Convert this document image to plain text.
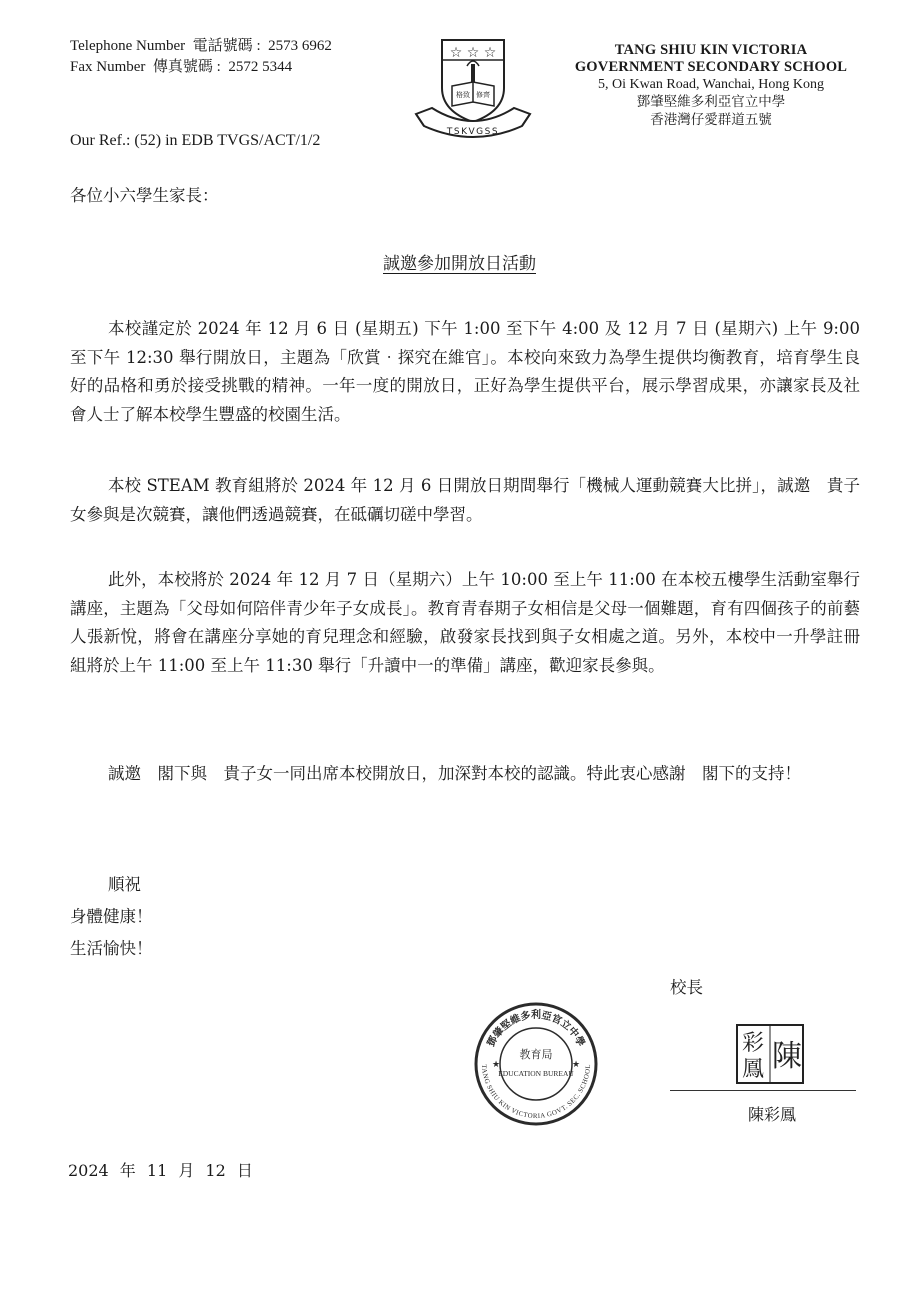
Telephone Number 電話號碼 :  2573 6962
Fax Number 傳真號碼 :  2572 5344
☆ ☆ ☆
格致 修齊
TSKVGSS
TANG SHIU KIN VICTORIA
GOVERNMENT SECONDARY SCHOOL
5, Oi Kwan Road, Wanchai, Hong Kong
鄧肇堅維多利亞官立中學
香港灣仔愛群道五號
Our Ref.: (52) in EDB TVGS/ACT/1/2
各位小六學生家長：
誠邀參加開放日活動

本校謹定於 2024 年 12 月 6 日 (星期五) 下午 1:00 至下午 4:00 及 12 月 7 日 (星期六) 上午 9:00 至下午 12:30 舉行開放日，主題為「欣賞‧探究在維官」。本校向來致力為學生提供均衡教育，培育學生良好的品格和勇於接受挑戰的精神。一年一度的開放日，正好為學生提供平台，展示學習成果，亦讓家長及社會人士了解本校學生豐盛的校園生活。

本校 STEAM 教育組將於 2024 年 12 月 6 日開放日期間舉行「機械人運動競賽大比拼」，誠邀　貴子女參與是次競賽，讓他們透過競賽，在砥礪切磋中學習。

此外，本校將於 2024 年 12 月 7 日（星期六）上午 10:00 至上午 11:00 在本校五樓學生活動室舉行講座，主題為「父母如何陪伴青少年子女成長」。教育青春期子女相信是父母一個難題，育有四個孩子的前藝人張新悅，將會在講座分享她的育兒理念和經驗，啟發家長找到與子女相處之道。另外，本校中一升學註冊組將於上午 11:00 至上午 11:30 舉行「升讀中一的準備」講座，歡迎家長參與。

誠邀　閣下與　貴子女一同出席本校開放日，加深對本校的認識。特此衷心感謝　閣下的支持！

順祝
身體健康！
生活愉快！
校長
鄧肇堅維多利亞官立中學
TANG SHIU KIN VICTORIA GOVT. SEC. SCHOOL
教育局
EDUCATION BUREAU
★	★
彩
鳳 陳
陳彩鳳
2024 年 11 月 12 日
